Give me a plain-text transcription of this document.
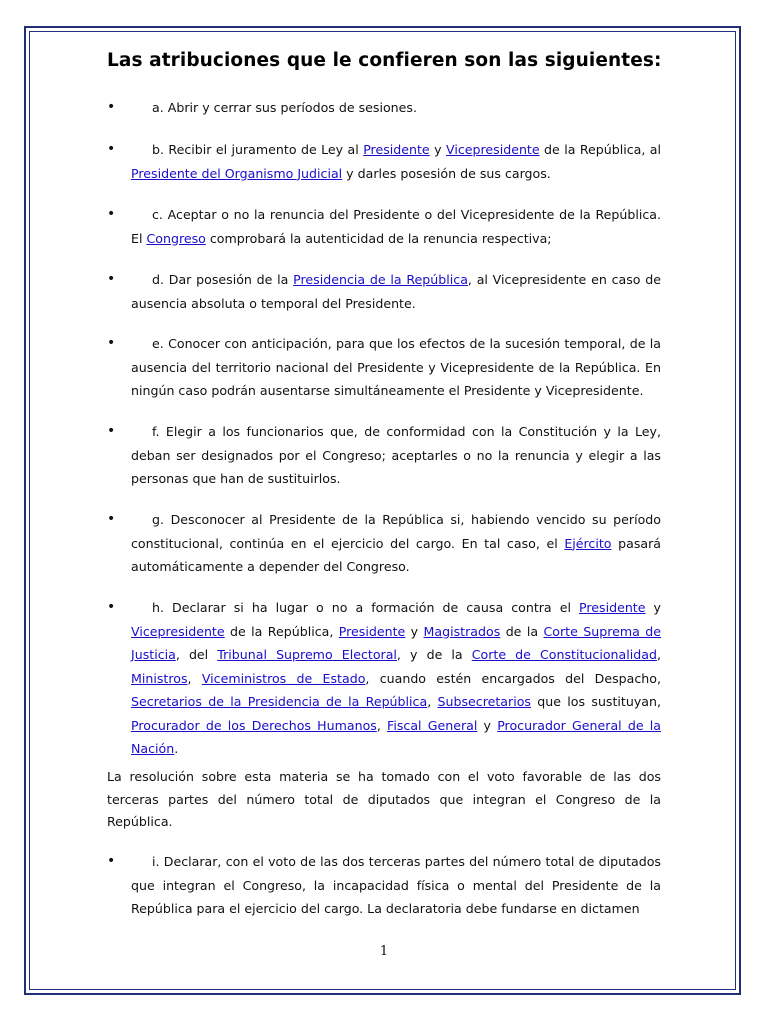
Las atribuciones que le confieren son las siguientes:
•	a. Abrir y cerrar sus períodos de sesiones.
•	b. Recibir el juramento de Ley al Presidente y Vicepresidente de la República, al Presidente del Organismo Judicial y darles posesión de sus cargos.
•	c. Aceptar o no la renuncia del Presidente o del Vicepresidente de la República. El Congreso comprobará la autenticidad de la renuncia respectiva;
•	d. Dar posesión de la Presidencia de la República, al Vicepresidente en caso de ausencia absoluta o temporal del Presidente.
•	e. Conocer con anticipación, para que los efectos de la sucesión temporal, de la ausencia del territorio nacional del Presidente y Vicepresidente de la República. En ningún caso podrán ausentarse simultáneamente el Presidente y Vicepresidente.
•	f. Elegir a los funcionarios que, de conformidad con la Constitución y la Ley, deban ser designados por el Congreso; aceptarles o no la renuncia y elegir a las personas que han de sustituirlos.
•	g. Desconocer al Presidente de la República si, habiendo vencido su período constitucional, continúa en el ejercicio del cargo. En tal caso, el Ejército pasará automáticamente a depender del Congreso.
•	h. Declarar si ha lugar o no a formación de causa contra el Presidente y Vicepresidente de la República, Presidente y Magistrados de la Corte Suprema de Justicia, del Tribunal Supremo Electoral, y de la Corte de Constitucionalidad, Ministros, Viceministros de Estado, cuando estén encargados del Despacho, Secretarios de la Presidencia de la República, Subsecretarios que los sustituyan, Procurador de los Derechos Humanos, Fiscal General y Procurador General de la Nación.
La resolución sobre esta materia se ha tomado con el voto favorable de las dos terceras partes del número total de diputados que integran el Congreso de la República.
•	i. Declarar, con el voto de las dos terceras partes del número total de diputados que integran el Congreso, la incapacidad física o mental del Presidente de la República para el ejercicio del cargo. La declaratoria debe fundarse en dictamen
1
